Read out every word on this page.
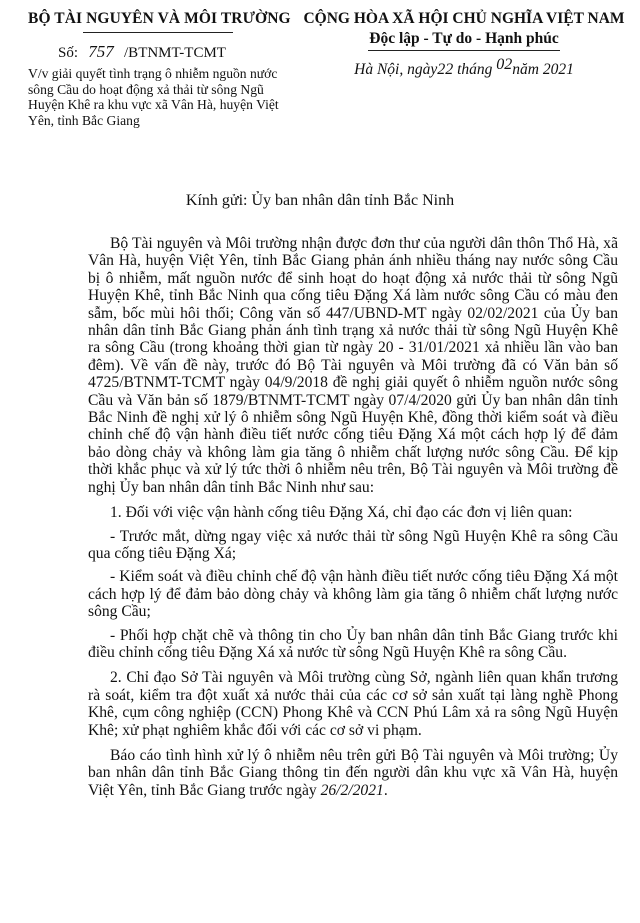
BỘ TÀI NGUYÊN VÀ MÔI TRƯỜNG
Số: 757 /BTNMT-TCMT
V/v giải quyết tình trạng ô nhiễm nguồn nước sông Cầu do hoạt động xả thải từ sông Ngũ Huyện Khê ra khu vực xã Vân Hà, huyện Việt Yên, tỉnh Bắc Giang
CỘNG HÒA XÃ HỘI CHỦ NGHĨA VIỆT NAM
Độc lập - Tự do - Hạnh phúc
Hà Nội, ngày22 tháng 02năm 2021
Kính gửi: Ủy ban nhân dân tỉnh Bắc Ninh

Bộ Tài nguyên và Môi trường nhận được đơn thư của người dân thôn Thổ Hà, xã Vân Hà, huyện Việt Yên, tỉnh Bắc Giang phản ánh nhiều tháng nay nước sông Cầu bị ô nhiễm, mất nguồn nước để sinh hoạt do hoạt động xả nước thải từ sông Ngũ Huyện Khê, tỉnh Bắc Ninh qua cống tiêu Đặng Xá làm nước sông Cầu có màu đen sẫm, bốc mùi hôi thối; Công văn số 447/UBND-MT ngày 02/02/2021 của Ủy ban nhân dân tỉnh Bắc Giang phản ánh tình trạng xả nước thải từ sông Ngũ Huyện Khê ra sông Cầu (trong khoảng thời gian từ ngày 20 - 31/01/2021 xả nhiều lần vào ban đêm). Về vấn đề này, trước đó Bộ Tài nguyên và Môi trường đã có Văn bản số 4725/BTNMT-TCMT ngày 04/9/2018 đề nghị giải quyết ô nhiễm nguồn nước sông Cầu và Văn bản số 1879/BTNMT-TCMT ngày 07/4/2020 gửi Ủy ban nhân dân tỉnh Bắc Ninh đề nghị xử lý ô nhiễm sông Ngũ Huyện Khê, đồng thời kiểm soát và điều chỉnh chế độ vận hành điều tiết nước cống tiêu Đặng Xá một cách hợp lý để đảm bảo dòng chảy và không làm gia tăng ô nhiễm chất lượng nước sông Cầu. Để kịp thời khắc phục và xử lý tức thời ô nhiễm nêu trên, Bộ Tài nguyên và Môi trường đề nghị Ủy ban nhân dân tỉnh Bắc Ninh như sau:

1. Đối với việc vận hành cống tiêu Đặng Xá, chỉ đạo các đơn vị liên quan:

- Trước mắt, dừng ngay việc xả nước thải từ sông Ngũ Huyện Khê ra sông Cầu qua cống tiêu Đặng Xá;

- Kiểm soát và điều chỉnh chế độ vận hành điều tiết nước cống tiêu Đặng Xá một cách hợp lý để đảm bảo dòng chảy và không làm gia tăng ô nhiễm chất lượng nước sông Cầu;

- Phối hợp chặt chẽ và thông tin cho Ủy ban nhân dân tỉnh Bắc Giang trước khi điều chỉnh cống tiêu Đặng Xá xả nước từ sông Ngũ Huyện Khê ra sông Cầu.

2. Chỉ đạo Sở Tài nguyên và Môi trường cùng Sở, ngành liên quan khẩn trương rà soát, kiểm tra đột xuất xả nước thải của các cơ sở sản xuất tại làng nghề Phong Khê, cụm công nghiệp (CCN) Phong Khê và CCN Phú Lâm xả ra sông Ngũ Huyện Khê; xử phạt nghiêm khắc đối với các cơ sở vi phạm.

Báo cáo tình hình xử lý ô nhiễm nêu trên gửi Bộ Tài nguyên và Môi trường; Ủy ban nhân dân tỉnh Bắc Giang thông tin đến người dân khu vực xã Vân Hà, huyện Việt Yên, tỉnh Bắc Giang trước ngày 26/2/2021.
